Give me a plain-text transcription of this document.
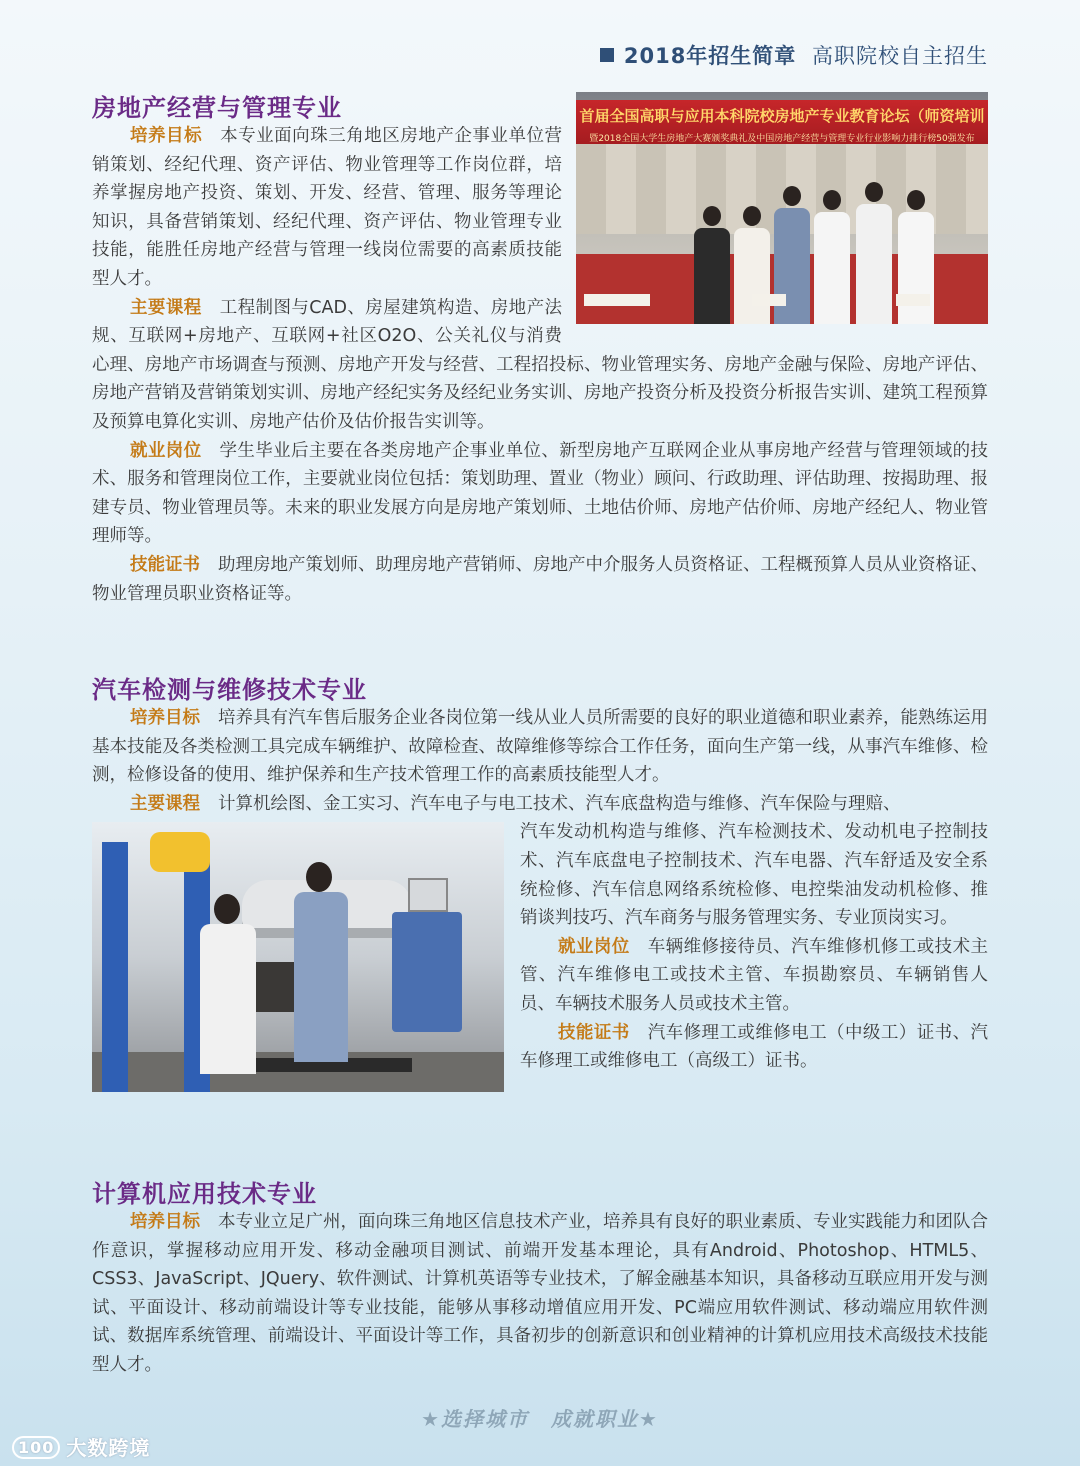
2018年招生简章 高职院校自主招生
房地产经营与管理专业	首届全国高职与应用本科院校房地产专业教育论坛（师资培训
暨2018全国大学生房地产大赛颁奖典礼及中国房地产经营与管理专业行业影响力排行榜50强发布

培养目标 本专业面向珠三角地区房地产企事业单位营销策划、经纪代理、资产评估、物业管理等工作岗位群，培养掌握房地产投资、策划、开发、经营、管理、服务等理论知识，具备营销策划、经纪代理、资产评估、物业管理专业技能，能胜任房地产经营与管理一线岗位需要的高素质技能型人才。

主要课程 工程制图与CAD、房屋建筑构造、房地产法规、互联网+房地产、互联网+社区O2O、公关礼仪与消费心理、房地产市场调查与预测、房地产开发与经营、工程招投标、物业管理实务、房地产金融与保险、房地产评估、房地产营销及营销策划实训、房地产经纪实务及经纪业务实训、房地产投资分析及投资分析报告实训、建筑工程预算及预算电算化实训、房地产估价及估价报告实训等。

就业岗位 学生毕业后主要在各类房地产企事业单位、新型房地产互联网企业从事房地产经营与管理领域的技术、服务和管理岗位工作，主要就业岗位包括：策划助理、置业（物业）顾问、行政助理、评估助理、按揭助理、报建专员、物业管理员等。未来的职业发展方向是房地产策划师、土地估价师、房地产估价师、房地产经纪人、物业管理师等。

技能证书 助理房地产策划师、助理房地产营销师、房地产中介服务人员资格证、工程概预算人员从业资格证、物业管理员职业资格证等。

汽车检测与维修技术专业

培养目标 培养具有汽车售后服务企业各岗位第一线从业人员所需要的良好的职业道德和职业素养，能熟练运用基本技能及各类检测工具完成车辆维护、故障检查、故障维修等综合工作任务，面向生产第一线，从事汽车维修、检测，检修设备的使用、维护保养和生产技术管理工作的高素质技能型人才。

主要课程 计算机绘图、金工实习、汽车电子与电工技术、汽车底盘构造与维修、汽车保险与理赔、

汽车发动机构造与维修、汽车检测技术、发动机电子控制技术、汽车底盘电子控制技术、汽车电器、汽车舒适及安全系统检修、汽车信息网络系统检修、电控柴油发动机检修、推销谈判技巧、汽车商务与服务管理实务、专业顶岗实习。

就业岗位 车辆维修接待员、汽车维修机修工或技术主管、汽车维修电工或技术主管、车损勘察员、车辆销售人员、车辆技术服务人员或技术主管。

技能证书 汽车修理工或维修电工（中级工）证书、汽车修理工或维修电工（高级工）证书。

计算机应用技术专业

培养目标 本专业立足广州，面向珠三角地区信息技术产业，培养具有良好的职业素质、专业实践能力和团队合作意识，掌握移动应用开发、移动金融项目测试、前端开发基本理论，具有Android、Photoshop、HTML5、CSS3、JavaScript、JQuery、软件测试、计算机英语等专业技术，了解金融基本知识，具备移动互联应用开发与测试、平面设计、移动前端设计等专业技能，能够从事移动增值应用开发、PC端应用软件测试、移动端应用软件测试、数据库系统管理、前端设计、平面设计等工作，具备初步的创新意识和创业精神的计算机应用技术高级技术技能型人才。

★选择城市 成就职业★
100 大数跨境
